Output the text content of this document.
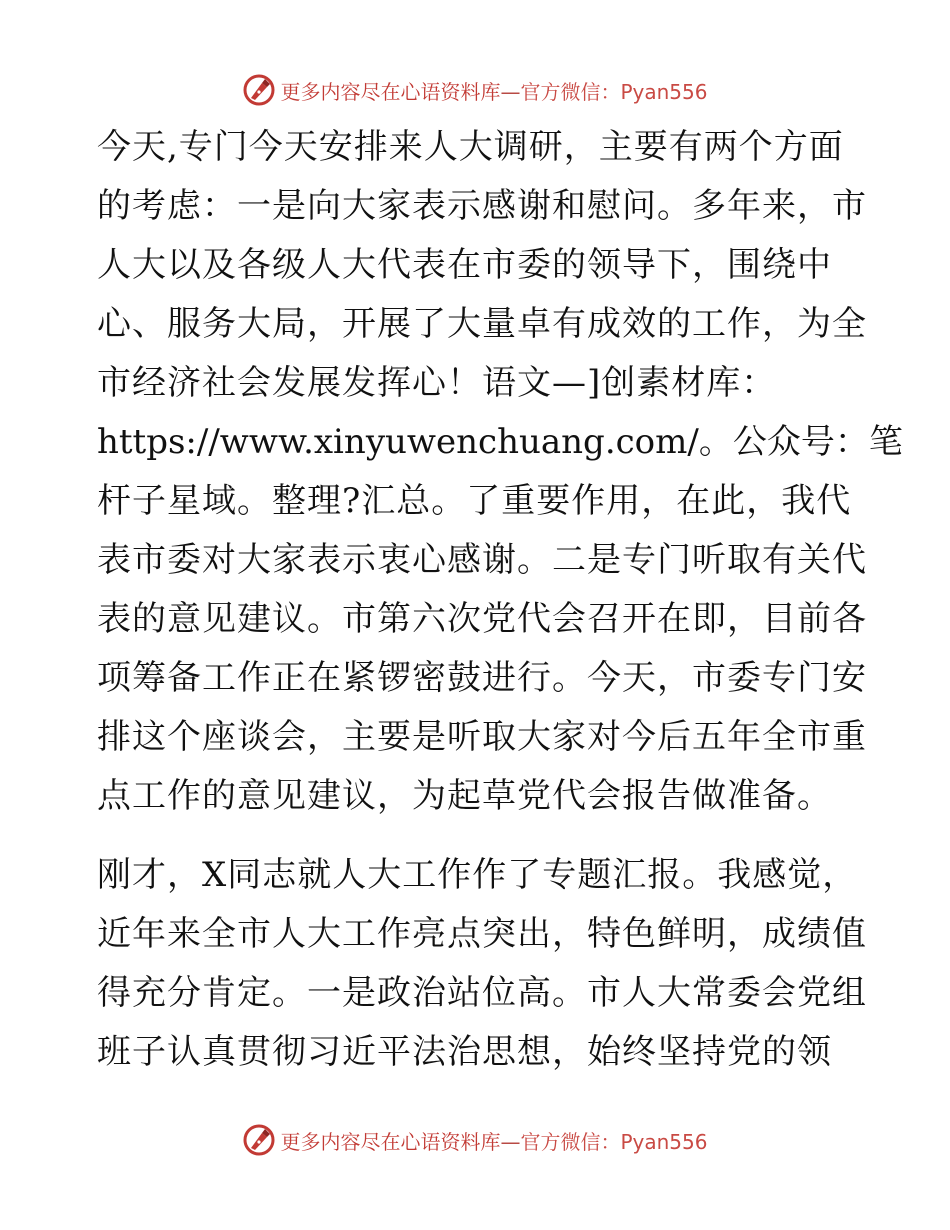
更多内容尽在心语资料库—官方微信：Pyan556
今天,专门今天安排来人大调研，主要有两个方面
的考虑：一是向大家表示感谢和慰问。多年来，市
人大以及各级人大代表在市委的领导下，围绕中
心、服务大局，开展了大量卓有成效的工作，为全
市经济社会发展发挥心！语文—]创素材库：
https://www.xinyuwenchuang.com/。公众号：笔
杆子星域。整理?汇总。了重要作用，在此，我代
表市委对大家表示衷心感谢。二是专门听取有关代
表的意见建议。市第六次党代会召开在即，目前各
项筹备工作正在紧锣密鼓进行。今天，市委专门安
排这个座谈会，主要是听取大家对今后五年全市重
点工作的意见建议，为起草党代会报告做准备。
刚才，X同志就人大工作作了专题汇报。我感觉，
近年来全市人大工作亮点突出，特色鲜明，成绩值
得充分肯定。一是政治站位高。市人大常委会党组
班子认真贯彻习近平法治思想，始终坚持党的领
更多内容尽在心语资料库—官方微信：Pyan556
